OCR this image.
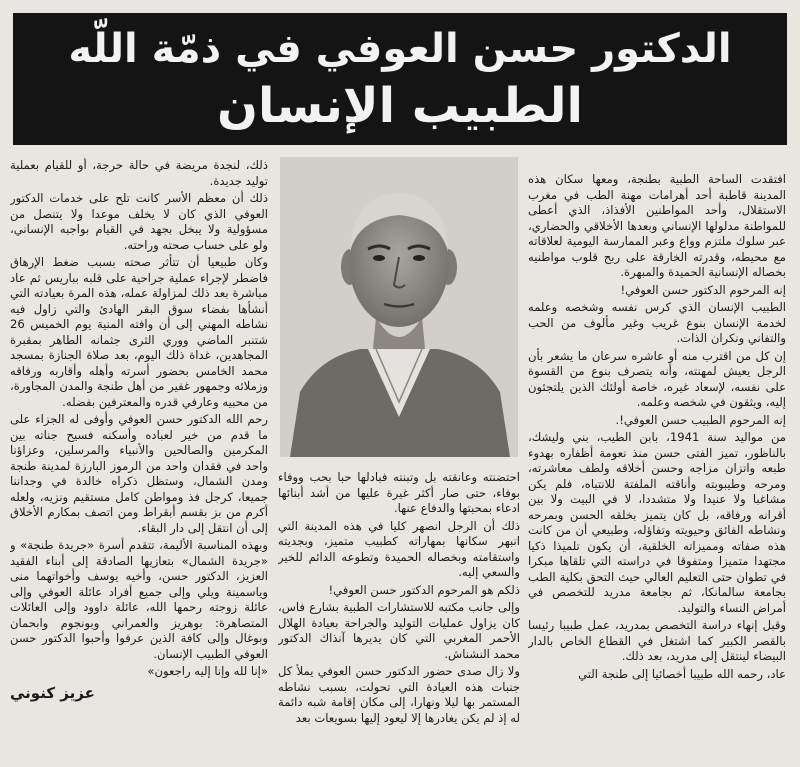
الدكتور حسن العوفي في ذمّة اللّه
الطبيب الإنسان

افتقدت الساحة الطبية بطنجة، ومعها سكان هذه المدينة قاطبة أحد أهرامات مهنة الطب في مغرب الاستقلال، وأحد المواطنين الأفذاذ، الذي أعطى للمواطنة مدلولها الإنساني وبعدها الأخلاقي والحضاري، عبر سلوك ملتزم وواع وعبر الممارسة اليومية لعلاقاته مع محيطه، وقدرته الخارقة على ربح قلوب مواطنيه بخصاله الإنسانية الحميدة والمبهرة.

إنه المرحوم الدكتور حسن العوفي!

الطبيب الإنسان الذي كرس نفسه وشخصه وعلمه لخدمة الإنسان بنوع غريب وغير مألوف من الحب والتفاني ونكران الذات.

إن كل من اقترب منه أو عاشره سرعان ما يشعر بأن الرجل يعيش لمهنته، وأنه يتصرف بنوع من القسوة على نفسه، لإسعاد غيره، خاصة أولئك الذين يلتجئون إليه، ويثقون في شخصه وعلمه.

إنه المرحوم الطبيب حسن العوفي!.

من مواليد سنة 1941، بابن الطيب، بني وليشك، بالناظور، تميز الفتى حسن منذ نعومة أظفاره بهدوء طبعه واتزان مزاجه وحسن أخلاقه ولطف معاشرته، ومرحه وطيبوبته وأناقته الملفتة للانتباه، فلم يكن مشاغبا ولا عنيدا ولا متشددا، لا في البيت ولا بين أقرانه ورفاقه، بل كان يتميز بخلقه الحسن وبمرحه ونشاطه الفائق وحيويته وتفاؤله، وطبيعي أن من كانت هذه صفاته ومميزاته الخلقية، أن يكون تلميذا ذكيا مجتهدا متميزا ومتفوقا في دراسته التي تلقاها مبكرا في تطوان حتى التعليم العالي حيث التحق بكلية الطب بجامعة سالمانكا، ثم بجامعة مدريد للتخصص في أمراض النساء والتوليد.

وقبل إنهاء دراسة التخصص بمدريد، عمل طبيبا رئيسا بالقصر الكبير كما اشتغل في القطاع الخاص بالدار البيضاء لينتقل إلى مدريد، بعد ذلك.

عاد، رحمه الله طبيبا أخصائيا إلى طنجة التي

احتضنته وعانقته بل وتبنته فبادلها حبا بحب ووفاء بوفاء، حتى صار أكثر غيرة عليها من أشد أبنائها ادعاء بمحبتها والدفاع عنها.

ذلك أن الرجل انصهر كليا في هذه المدينة التي انبهر سكانها بمهاراته كطبيب متميز، وبجديته واستقامته وبخصاله الحميدة وتطوعه الدائم للخير والسعي إليه.

ذلكم هو المرحوم الدكتور حسن العوفي!

وإلى جانب مكتبه للاستشارات الطبية بشارع فاس، كان يزاول عمليات التوليد والجراحة بعيادة الهلال الأحمر المغربي التي كان يديرها آنذاك الدكتور محمد النشناش.

ولا زال صدى حضور الدكتور حسن العوفي يملأ كل جنبات هذه العيادة التي تحولت، بسبب نشاطه المستمر بها ليلا ونهارا، إلى مكان إقامة شبه دائمة له إذ لم يكن يغادرها إلا ليعود إليها بسويعات بعد

ذلك، لنجدة مريضة في حالة حرجة، أو للقيام بعملية توليد جديدة.

ذلك أن معظم الأسر كانت تلح على خدمات الدكتور العوفي الذي كان لا يخلف موعدا ولا يتنصل من مسؤولية ولا يبخل بجهد في القيام بواجبه الإنساني، ولو على حساب صحته وراحته.

وكان طبيعيا أن تتأثر صحته بسبب ضغط الإرهاق فاضطر لإجراء عملية جراحية على قلبه بباريس ثم عاد مباشرة بعد ذلك لمزاولة عمله، هذه المرة بعيادته التي أنشأها بفضاء سوق البقر الهادئ والتي زاول فيه نشاطه المهني إلى أن وافته المنية يوم الخميس 26 شتنبر الماضي ووري الثرى جثمانه الطاهر بمقبرة المجاهدين، غداة ذلك اليوم، بعد صلاة الجنازة بمسجد محمد الخامس بحضور أسرته وأهله وأقاربه ورفاقه وزملائه وجمهور غفير من أهل طنجة والمدن المجاورة، من محبيه وعارفي قدره والمعترفين بفضله.

رحم الله الدكتور حسن العوفي وأوفى له الجزاء على ما قدم من خير لعباده وأسكنه فسيح جناته بين المكرمين والصالحين والأنبياء والمرسلين، وعزاؤنا واحد في فقدان واحد من الرموز البارزة لمدينة طنجة ومدن الشمال، وستظل ذكراه خالدة في وجداننا جميعا، كرجل فذ ومواطن كامل مستقيم ونزيه، ولعله أكرم من بز بقسم أبقراط ومن اتصف بمكارم الأخلاق إلى أن انتقل إلى دار البقاء.

وبهذه المناسبة الأليمة، تتقدم أسرة «جريدة طنجة» و «جريدة الشمال» بتعازيها الصادقة إلى أبناء الفقيد العزيز، الدكتور حسن، وأخيه يوسف وأخواتهما منى وياسمينة ويلي وإلى جميع أفراد عائلة العوفي وإلى عائلة زوجته رحمها الله، عائلة داوود وإلى العائلات المتصاهرة: بوهريز والعمراني وبونجوم وابحمان وبوغال وإلى كافة الذين عرفوا وأحبوا الدكتور حسن العوفي الطبيب الإنسان.

«إنا لله وإنا إليه راجعون»

عزيز كنوني
